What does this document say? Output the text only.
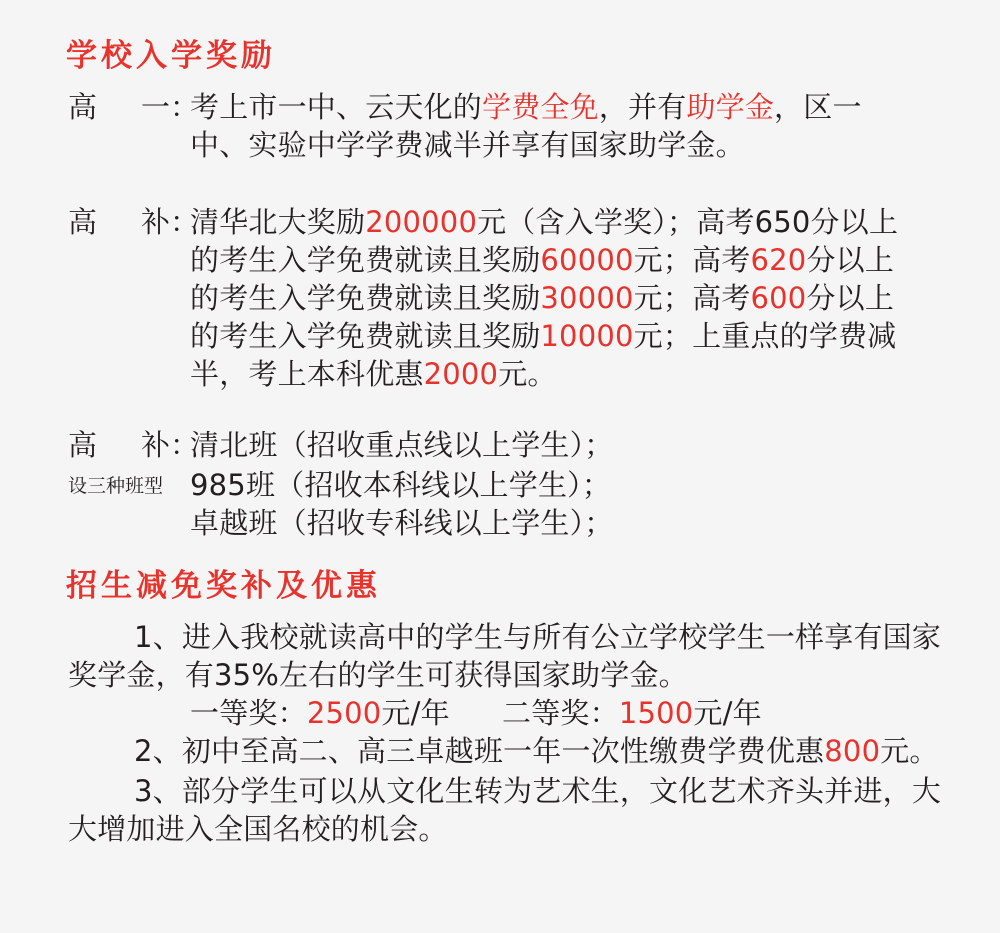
学校入学奖励
高 一：
考上市一中、云天化的学费全免，并有助学金，区一
中、实验中学学费减半并享有国家助学金。
高 补：
清华北大奖励200000元（含入学奖）；高考650分以上
的考生入学免费就读且奖励60000元；高考620分以上
的考生入学免费就读且奖励30000元；高考600分以上
的考生入学免费就读且奖励10000元；上重点的学费减
半，考上本科优惠2000元。
高 补：
设三种班型
清北班（招收重点线以上学生）；
985班（招收本科线以上学生）；
卓越班（招收专科线以上学生）；
招生减免奖补及优惠
1、进入我校就读高中的学生与所有公立学校学生一样享有国家
奖学金，有35%左右的学生可获得国家助学金。
一等奖：2500元/年 二等奖：1500元/年
2、初中至高二、高三卓越班一年一次性缴费学费优惠800元。
3、部分学生可以从文化生转为艺术生，文化艺术齐头并进，大
大增加进入全国名校的机会。
